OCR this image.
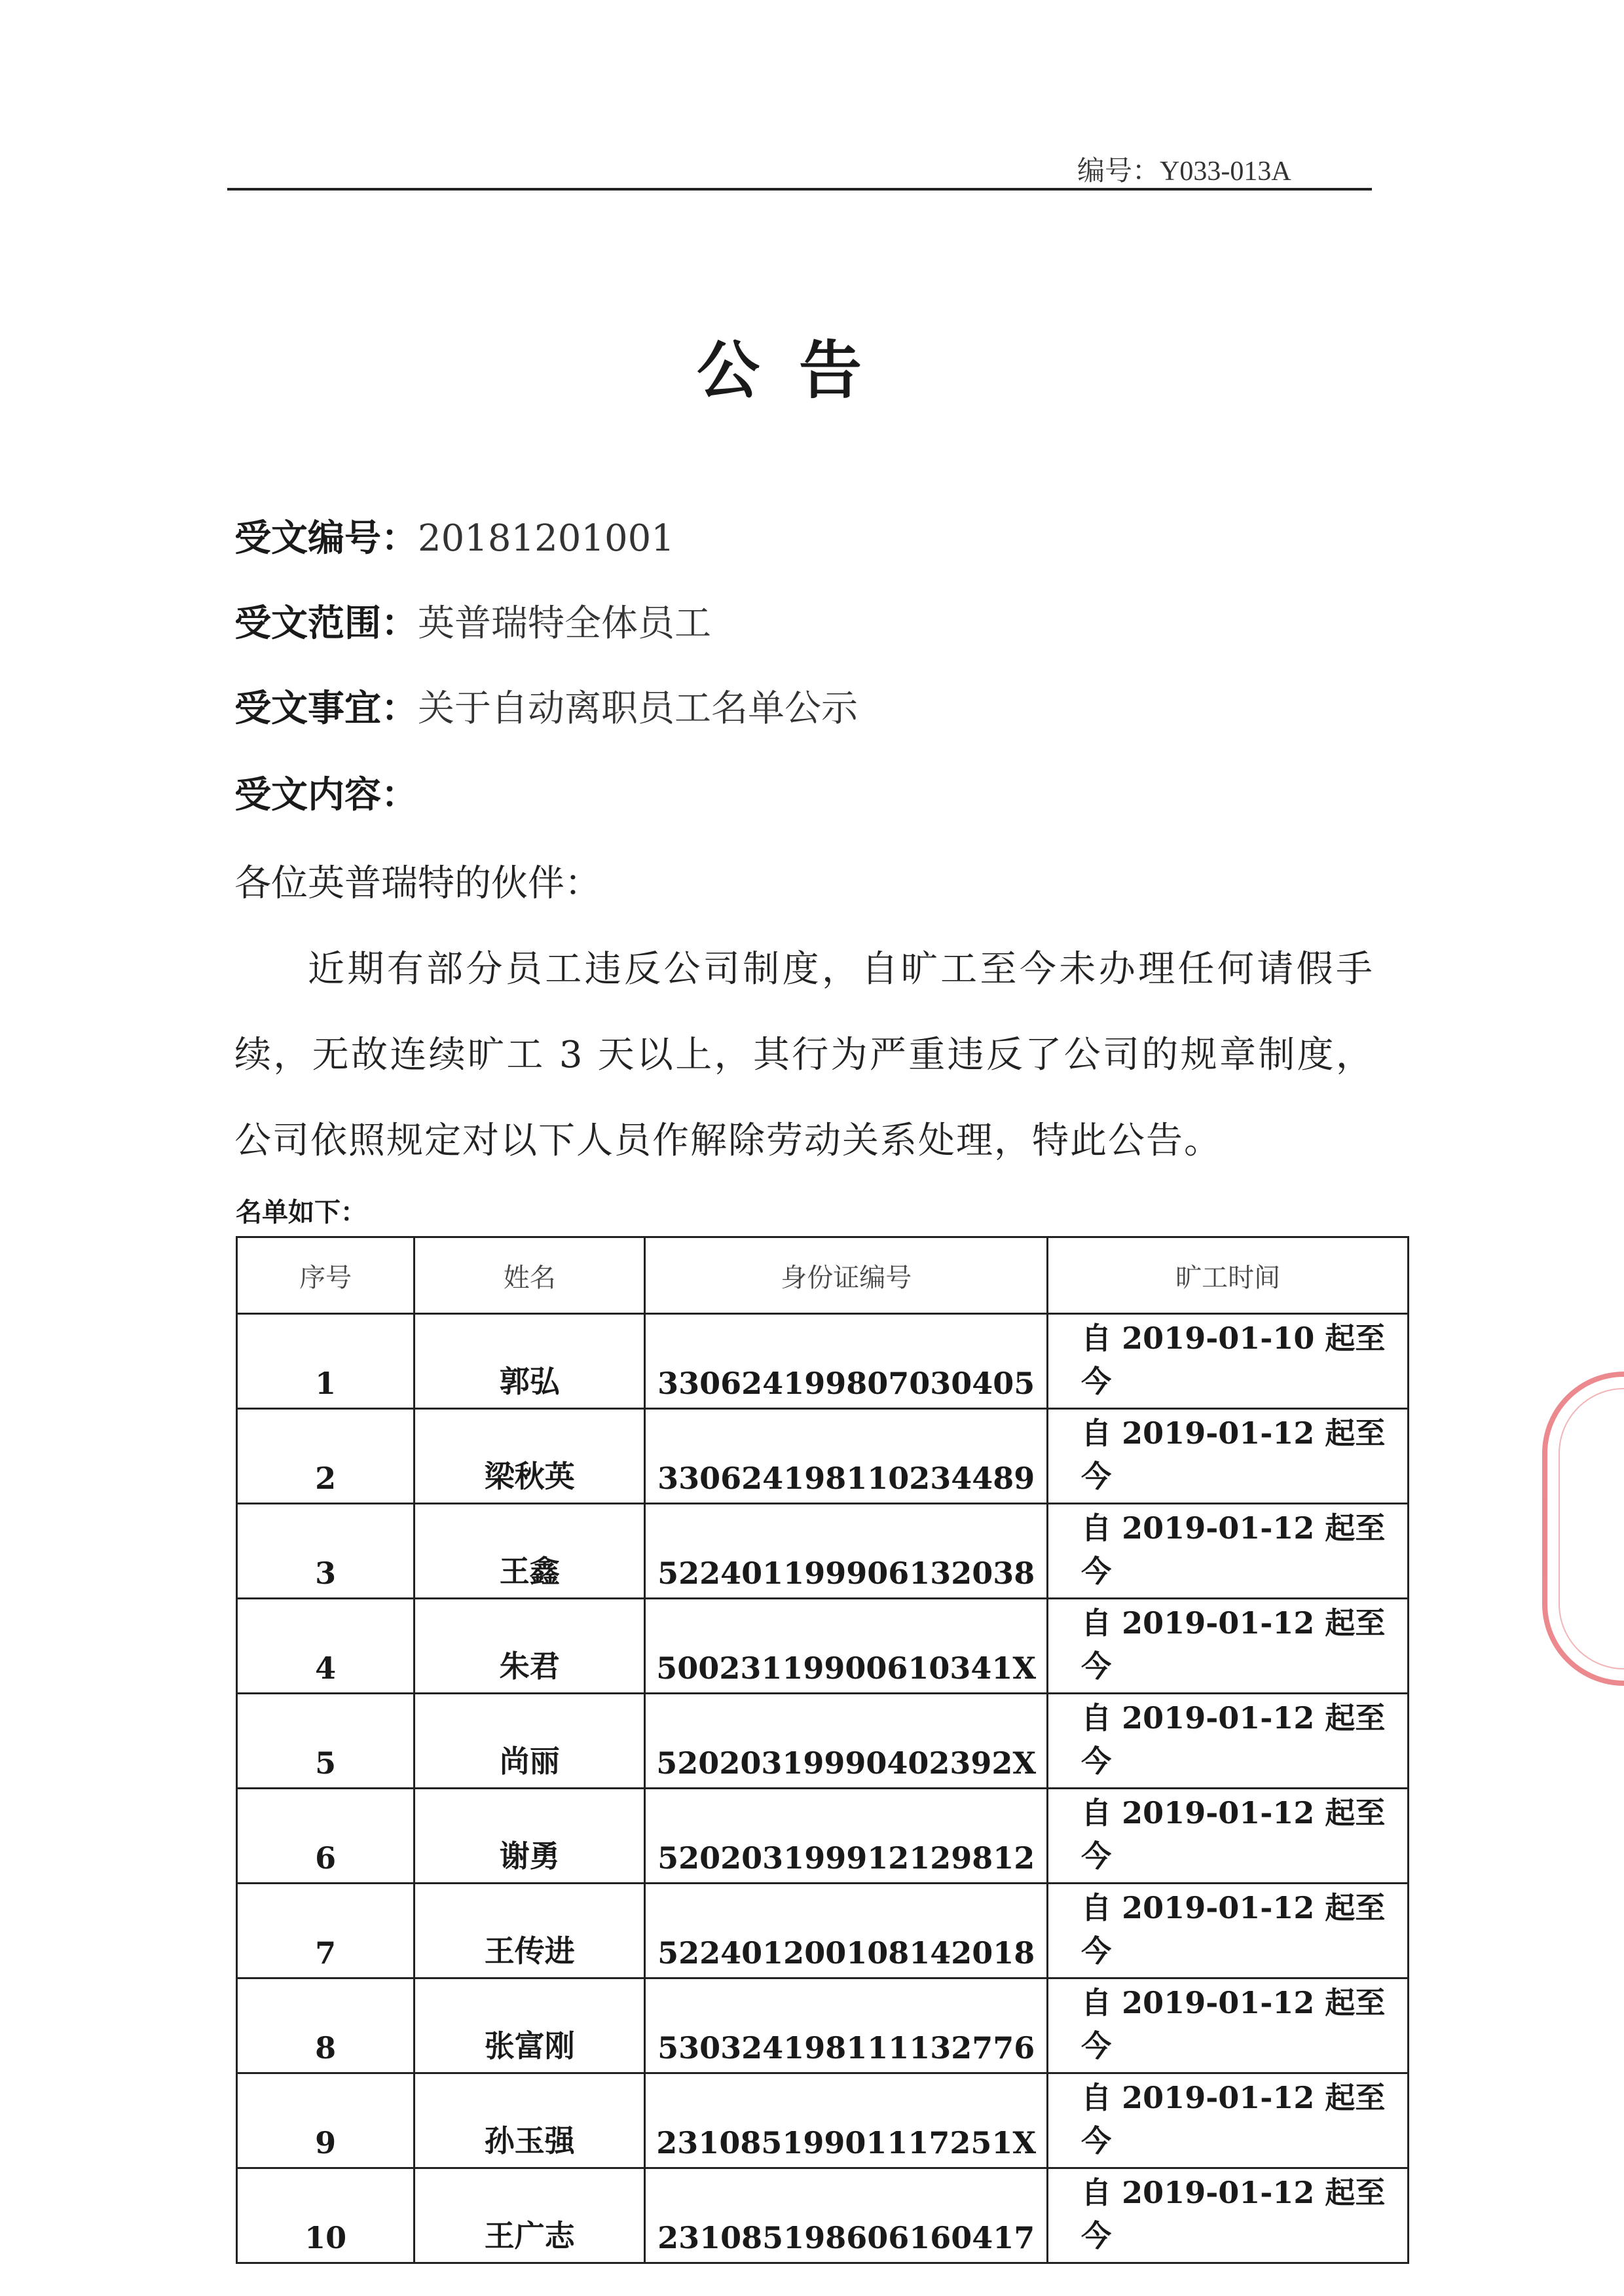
编号：Y033-013A
公告
受文编号：20181201001
受文范围：英普瑞特全体员工
受文事宜：关于自动离职员工名单公示
受文内容：
各位英普瑞特的伙伴：
近期有部分员工违反公司制度，自旷工至今未办理任何请假手续，无故连续旷工 3 天以上，其行为严重违反了公司的规章制度，公司依照规定对以下人员作解除劳动关系处理，特此公告。
名单如下：
序号	姓名	身份证编号	旷工时间
1	郭弘	330624199807030405	自 2019-01-10 起至今
2	梁秋英	330624198110234489	自 2019-01-12 起至今
3	王鑫	522401199906132038	自 2019-01-12 起至今
4	朱君	50023119900610341X	自 2019-01-12 起至今
5	尚丽	52020319990402392X	自 2019-01-12 起至今
6	谢勇	520203199912129812	自 2019-01-12 起至今
7	王传进	522401200108142018	自 2019-01-12 起至今
8	张富刚	530324198111132776	自 2019-01-12 起至今
9	孙玉强	23108519901117251X	自 2019-01-12 起至今
10	王广志	231085198606160417	自 2019-01-12 起至今
